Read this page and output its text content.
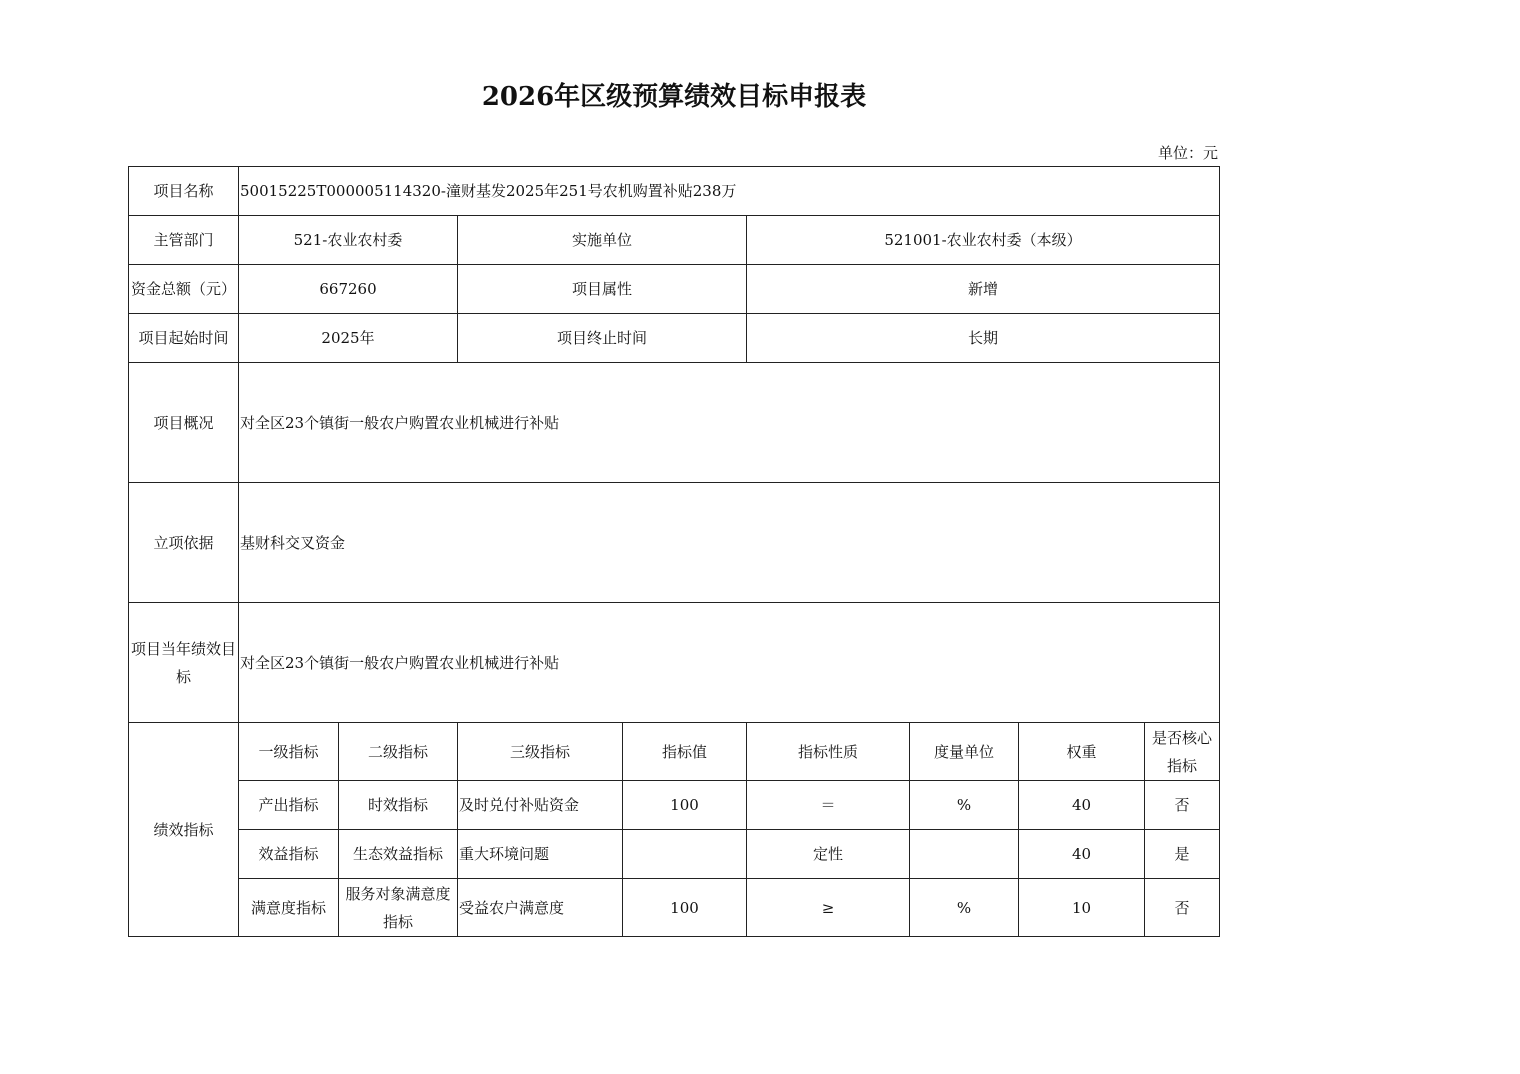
2026年区级预算绩效目标申报表
单位：元
项目名称	50015225T000005114320-潼财基发2025年251号农机购置补贴238万							
主管部门	521-农业农村委		实施单位		521001-农业农村委（本级）			
资金总额（元）	667260		项目属性		新增			
项目起始时间	2025年		项目终止时间		长期			
项目概况	对全区23个镇街一般农户购置农业机械进行补贴							
立项依据	基财科交叉资金							
项目当年绩效目标	对全区23个镇街一般农户购置农业机械进行补贴							
绩效指标	一级指标	二级指标	三级指标	指标值	指标性质	度量单位	权重	是否核心指标
	产出指标	时效指标	及时兑付补贴资金	100	＝	%	40	否
	效益指标	生态效益指标	重大环境问题		定性		40	是
	满意度指标	服务对象满意度指标	受益农户满意度	100	≥	%	10	否
